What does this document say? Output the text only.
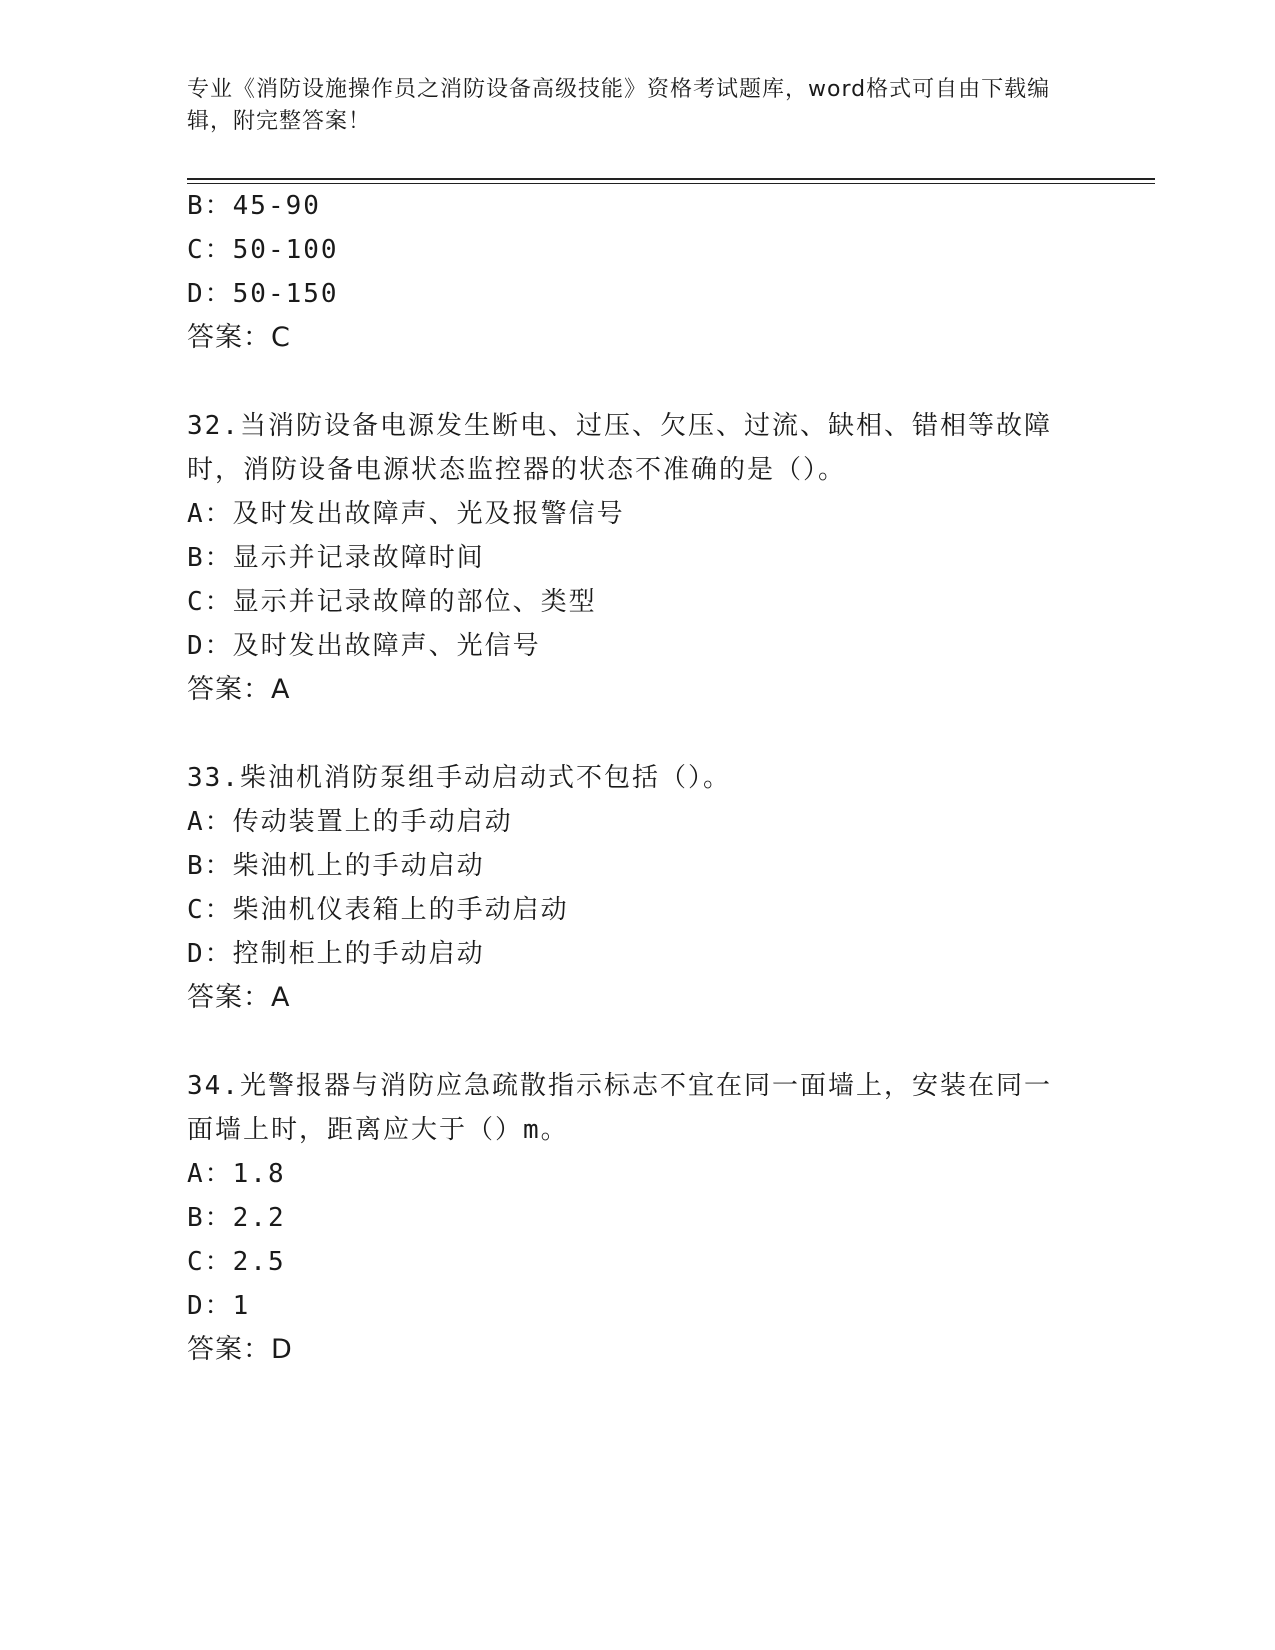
专业《消防设施操作员之消防设备高级技能》资格考试题库，word格式可自由下载编辑，附完整答案！
B：45-90
C：50-100
D：50-150
答案：C
32.当消防设备电源发生断电、过压、欠压、过流、缺相、错相等故障
时，消防设备电源状态监控器的状态不准确的是（）。
A：及时发出故障声、光及报警信号
B：显示并记录故障时间
C：显示并记录故障的部位、类型
D：及时发出故障声、光信号
答案：A
33.柴油机消防泵组手动启动式不包括（）。
A：传动装置上的手动启动
B：柴油机上的手动启动
C：柴油机仪表箱上的手动启动
D：控制柜上的手动启动
答案：A
34.光警报器与消防应急疏散指示标志不宜在同一面墙上，安装在同一
面墙上时，距离应大于（）m。
A：1.8
B：2.2
C：2.5
D：1
答案：D
